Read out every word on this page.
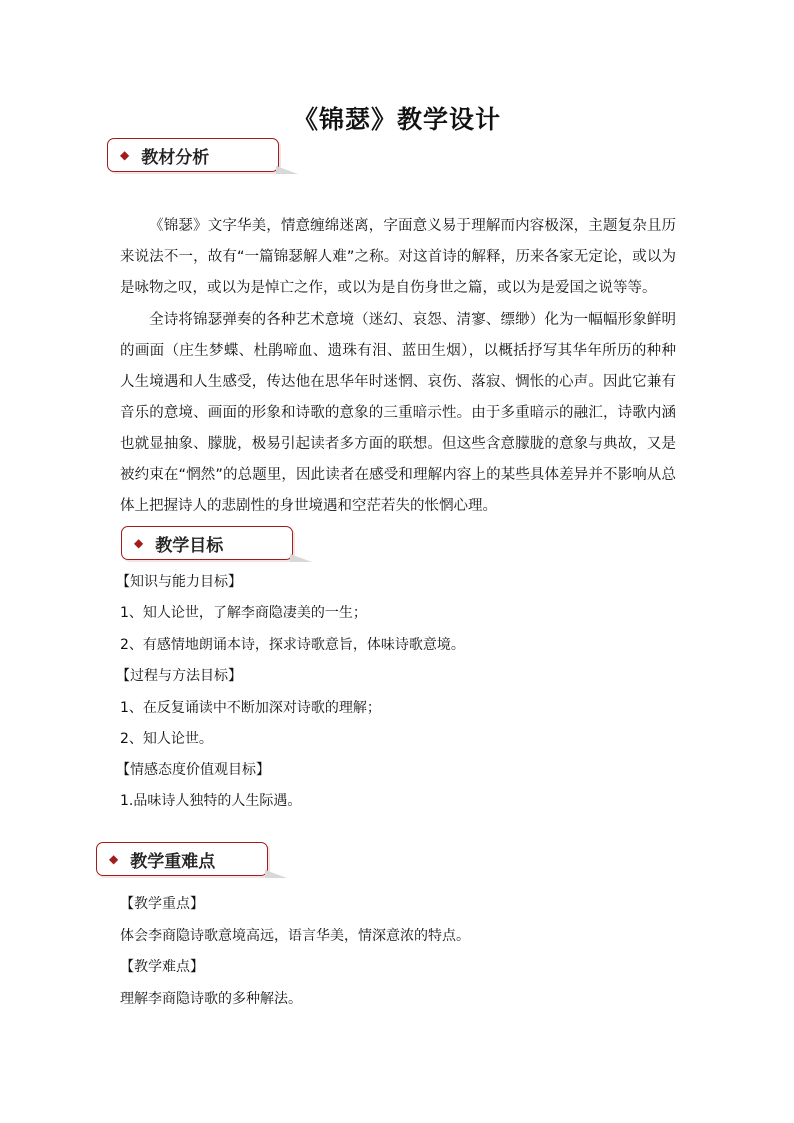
《锦瑟》教学设计
◆ 教材分析

《锦瑟》文字华美，情意缠绵迷离，字面意义易于理解而内容极深，主题复杂且历来说法不一，故有“一篇锦瑟解人难”之称。对这首诗的解释，历来各家无定论，或以为是咏物之叹，或以为是悼亡之作，或以为是自伤身世之篇，或以为是爱国之说等等。

全诗将锦瑟弹奏的各种艺术意境（迷幻、哀怨、清寥、缥缈）化为一幅幅形象鲜明的画面（庄生梦蝶、杜鹃啼血、遗珠有泪、蓝田生烟），以概括抒写其华年所历的种种人生境遇和人生感受，传达他在思华年时迷惘、哀伤、落寂、惆怅的心声。因此它兼有音乐的意境、画面的形象和诗歌的意象的三重暗示性。由于多重暗示的融汇，诗歌内涵也就显抽象、朦胧，极易引起读者多方面的联想。但这些含意朦胧的意象与典故，又是被约束在“惘然”的总题里，因此读者在感受和理解内容上的某些具体差异并不影响从总体上把握诗人的悲剧性的身世境遇和空茫若失的怅惘心理。

◆ 教学目标

【知识与能力目标】

1、知人论世，了解李商隐凄美的一生；

2、有感情地朗诵本诗，探求诗歌意旨，体味诗歌意境。

【过程与方法目标】

1、在反复诵读中不断加深对诗歌的理解；

2、知人论世。

【情感态度价值观目标】

1.品味诗人独特的人生际遇。

◆ 教学重难点

【教学重点】

体会李商隐诗歌意境高远，语言华美，情深意浓的特点。

【教学难点】

理解李商隐诗歌的多种解法。
